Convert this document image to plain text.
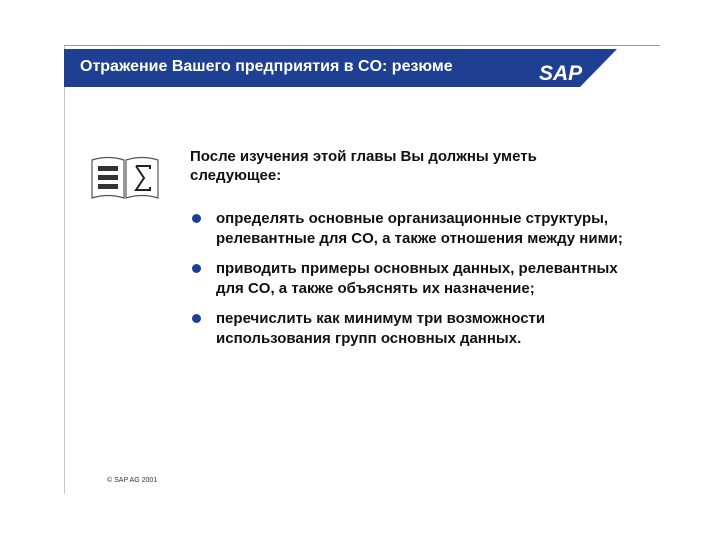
Отражение Вашего предприятия в CO: резюме	SAP
После изучения этой главы Вы должны уметь следующее:
определять основные организационные структуры, релевантные для CO, а также отношения между ними;
приводить примеры основных данных, релевантных для CO, а также объяснять их назначение;
перечислить как минимум три возможности использования групп основных данных.
© SAP AG 2001
